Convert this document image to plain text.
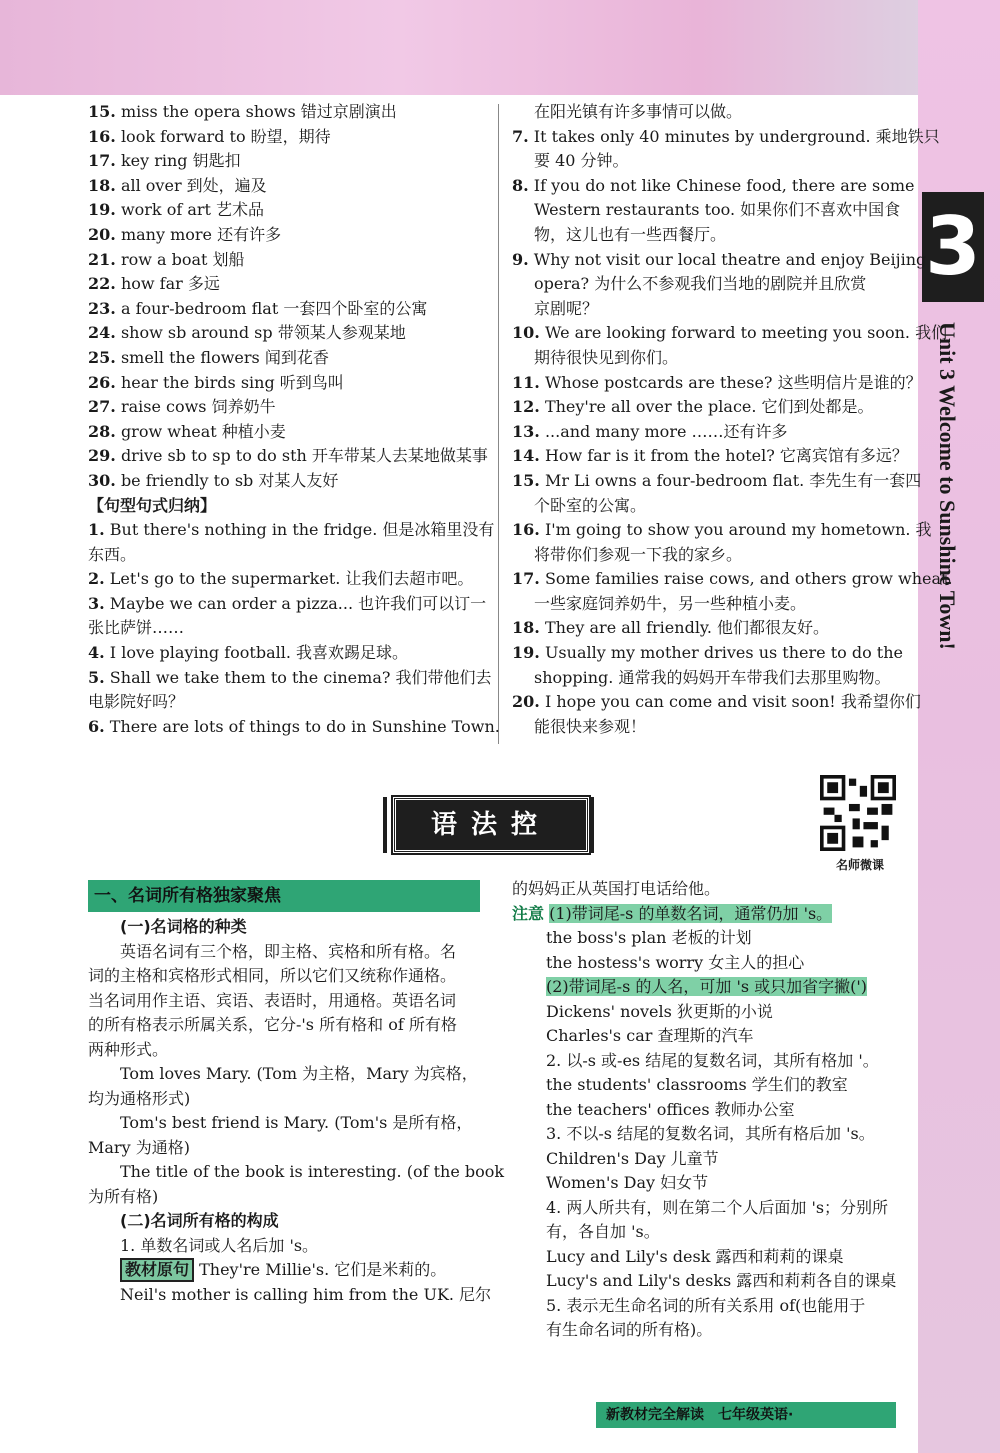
3
Unit 3 Welcome to Sunshine Town!
15. miss the opera shows 错过京剧演出
16. look forward to 盼望，期待
17. key ring 钥匙扣
18. all over 到处，遍及
19. work of art 艺术品
20. many more 还有许多
21. row a boat 划船
22. how far 多远
23. a four-bedroom flat 一套四个卧室的公寓
24. show sb around sp 带领某人参观某地
25. smell the flowers 闻到花香
26. hear the birds sing 听到鸟叫
27. raise cows 饲养奶牛
28. grow wheat 种植小麦
29. drive sb to sp to do sth 开车带某人去某地做某事
30. be friendly to sb 对某人友好
【句型句式归纳】
1. But there's nothing in the fridge. 但是冰箱里没有
东西。
2. Let's go to the supermarket. 让我们去超市吧。
3. Maybe we can order a pizza... 也许我们可以订一
张比萨饼……
4. I love playing football. 我喜欢踢足球。
5. Shall we take them to the cinema? 我们带他们去
电影院好吗？
6. There are lots of things to do in Sunshine Town.
在阳光镇有许多事情可以做。
7. It takes only 40 minutes by underground. 乘地铁只
要 40 分钟。
8. If you do not like Chinese food, there are some
Western restaurants too. 如果你们不喜欢中国食
物，这儿也有一些西餐厅。
9. Why not visit our local theatre and enjoy Beijing
opera? 为什么不参观我们当地的剧院并且欣赏
京剧呢？
10. We are looking forward to meeting you soon. 我们
期待很快见到你们。
11. Whose postcards are these? 这些明信片是谁的？
12. They're all over the place. 它们到处都是。
13. ...and many more ……还有许多
14. How far is it from the hotel? 它离宾馆有多远？
15. Mr Li owns a four-bedroom flat. 李先生有一套四
个卧室的公寓。
16. I'm going to show you around my hometown. 我
将带你们参观一下我的家乡。
17. Some families raise cows, and others grow wheat.
一些家庭饲养奶牛，另一些种植小麦。
18. They are all friendly. 他们都很友好。
19. Usually my mother drives us there to do the
shopping. 通常我的妈妈开车带我们去那里购物。
20. I hope you can come and visit soon! 我希望你们
能很快来参观！
语法控
名师微课
一、名词所有格独家聚焦
(一)名词格的种类
英语名词有三个格，即主格、宾格和所有格。名
词的主格和宾格形式相同，所以它们又统称作通格。
当名词用作主语、宾语、表语时，用通格。英语名词
的所有格表示所属关系，它分-'s 所有格和 of 所有格
两种形式。
Tom loves Mary. (Tom 为主格，Mary 为宾格，
均为通格形式)
Tom's best friend is Mary. (Tom's 是所有格，
Mary 为通格)
The title of the book is interesting. (of the book
为所有格)
(二)名词所有格的构成
1. 单数名词或人名后加 's。
教材原句 They're Millie's. 它们是米莉的。
Neil's mother is calling him from the UK. 尼尔
的妈妈正从英国打电话给他。
注意 (1)带词尾-s 的单数名词，通常仍加 's。
the boss's plan 老板的计划
the hostess's worry 女主人的担心
(2)带词尾-s 的人名，可加 's 或只加省字撇(')
Dickens' novels 狄更斯的小说
Charles's car 查理斯的汽车
2. 以-s 或-es 结尾的复数名词，其所有格加 '。
the students' classrooms 学生们的教室
the teachers' offices 教师办公室
3. 不以-s 结尾的复数名词，其所有格后加 's。
Children's Day 儿童节
Women's Day 妇女节
4. 两人所共有，则在第二个人后面加 's；分别所
有，各自加 's。
Lucy and Lily's desk 露西和莉莉的课桌
Lucy's and Lily's desks 露西和莉莉各自的课桌
5. 表示无生命名词的所有关系用 of(也能用于
有生命名词的所有格)。
新教材完全解读　七年级英语·
